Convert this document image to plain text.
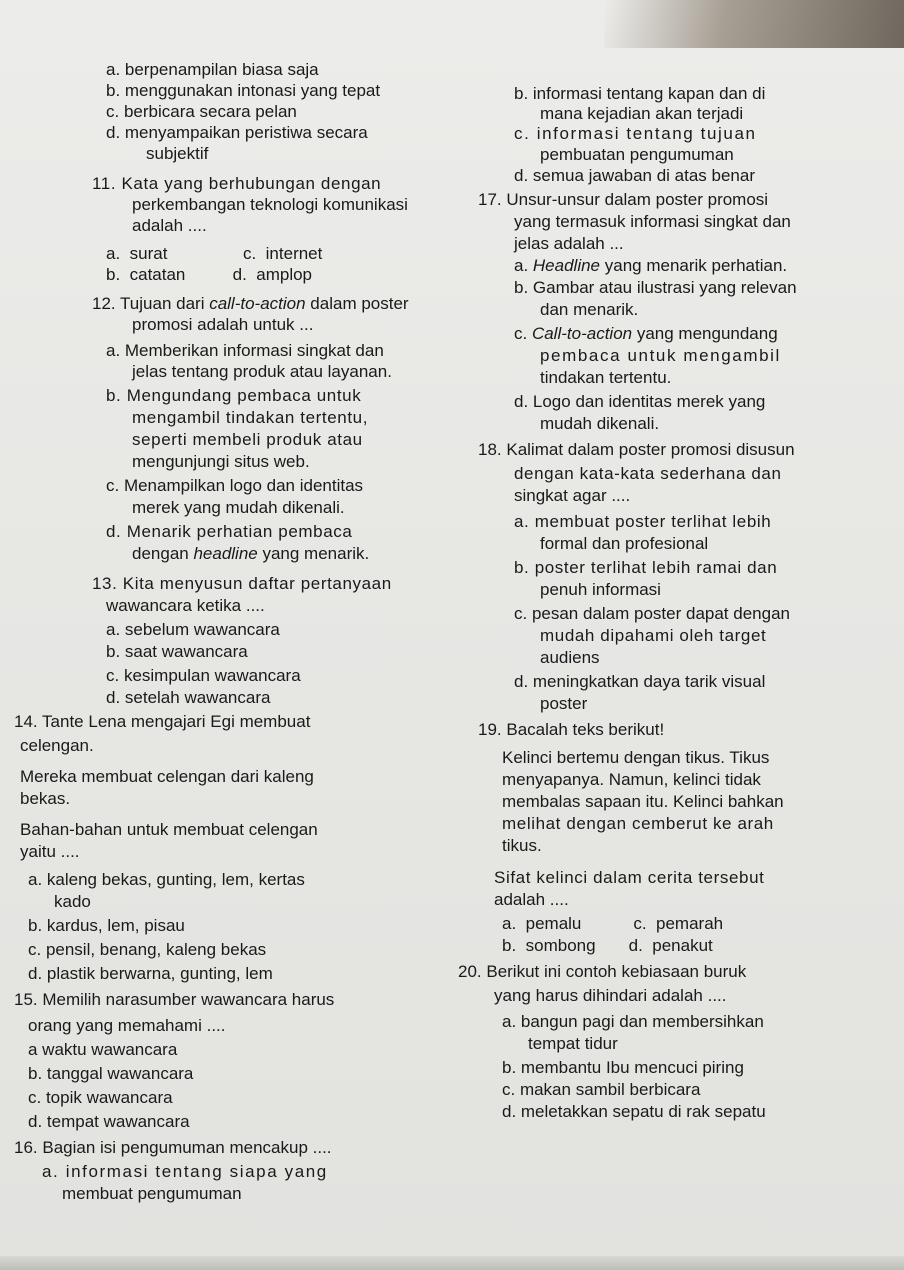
a. berpenampilan biasa saja
b. menggunakan intonasi yang tepat
c. berbicara secara pelan
d. menyampaikan peristiwa secara
subjektif
11. Kata yang berhubungan dengan
perkembangan teknologi komunikasi
adalah ....
a.  surat                c.  internet
b.  catatan          d.  amplop
12. Tujuan dari call-to-action dalam poster
promosi adalah untuk ...
a. Memberikan informasi singkat dan
jelas tentang produk atau layanan.
b. Mengundang pembaca untuk
mengambil tindakan tertentu,
seperti membeli produk atau
mengunjungi situs web.
c. Menampilkan logo dan identitas
merek yang mudah dikenali.
d. Menarik perhatian pembaca
dengan headline yang menarik.
13. Kita menyusun daftar pertanyaan
wawancara ketika ....
a. sebelum wawancara
b. saat wawancara
c. kesimpulan wawancara
d. setelah wawancara
14. Tante Lena mengajari Egi membuat
celengan.
Mereka membuat celengan dari kaleng
bekas.
Bahan-bahan untuk membuat celengan
yaitu ....
a. kaleng bekas, gunting, lem, kertas
kado
b. kardus, lem, pisau
c. pensil, benang, kaleng bekas
d. plastik berwarna, gunting, lem
15. Memilih narasumber wawancara harus
orang yang memahami ....
a waktu wawancara
b. tanggal wawancara
c. topik wawancara
d. tempat wawancara
16. Bagian isi pengumuman mencakup ....
a. informasi tentang siapa yang
membuat pengumuman
b. informasi tentang kapan dan di
mana kejadian akan terjadi
c. informasi tentang tujuan
pembuatan pengumuman
d. semua jawaban di atas benar
17. Unsur-unsur dalam poster promosi
yang termasuk informasi singkat dan
jelas adalah ...
a. Headline yang menarik perhatian.
b. Gambar atau ilustrasi yang relevan
dan menarik.
c. Call-to-action yang mengundang
pembaca untuk mengambil
tindakan tertentu.
d. Logo dan identitas merek yang
mudah dikenali.
18. Kalimat dalam poster promosi disusun
dengan kata-kata sederhana dan
singkat agar ....
a. membuat poster terlihat lebih
formal dan profesional
b. poster terlihat lebih ramai dan
penuh informasi
c. pesan dalam poster dapat dengan
mudah dipahami oleh target
audiens
d. meningkatkan daya tarik visual
poster
19. Bacalah teks berikut!
Kelinci bertemu dengan tikus. Tikus
menyapanya. Namun, kelinci tidak
membalas sapaan itu. Kelinci bahkan
melihat dengan cemberut ke arah
tikus.
Sifat kelinci dalam cerita tersebut
adalah ....
a.  pemalu           c.  pemarah
b.  sombong       d.  penakut
20. Berikut ini contoh kebiasaan buruk
yang harus dihindari adalah ....
a. bangun pagi dan membersihkan
tempat tidur
b. membantu Ibu mencuci piring
c. makan sambil berbicara
d. meletakkan sepatu di rak sepatu
